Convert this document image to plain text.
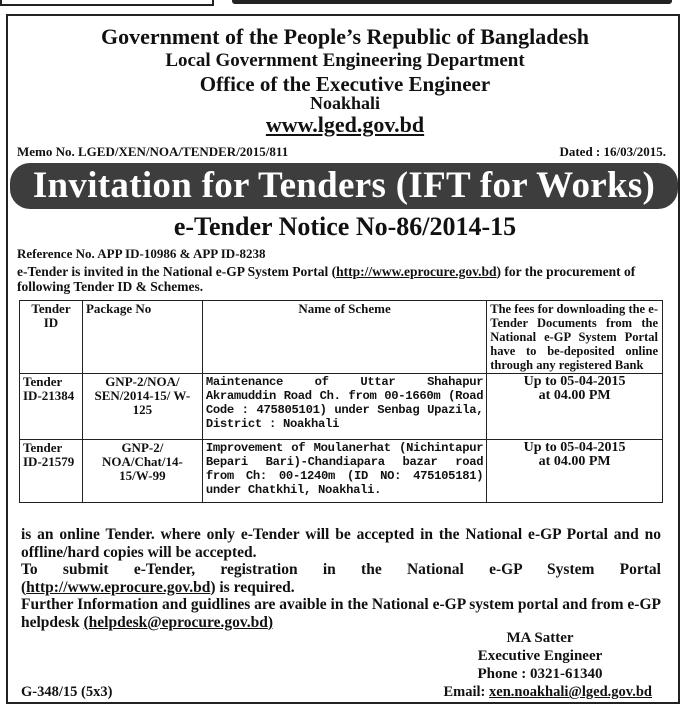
Government of the People’s Republic of Bangladesh
Local Government Engineering Department
Office of the Executive Engineer
Noakhali
www.lged.gov.bd
Memo No. LGED/XEN/NOA/TENDER/2015/811	Dated : 16/03/2015.
Invitation for Tenders (IFT for Works)
e-Tender Notice No-86/2014-15
Reference No. APP ID-10986 & APP ID-8238
e-Tender is invited in the National e-GP System Portal (http://www.eprocure.gov.bd) for the procurement of following Tender ID & Schemes.
Tender ID	Package No	Name of Scheme	The fees for downloading the e-Tender Documents from the National e-GP System Portal have to be-deposited online through any registered Bank
Tender ID-21384	GNP-2/NOA/ SEN/2014-15/ W-125	Maintenance of Uttar Shahapur Akramuddin Road Ch. from 00-1660m (Road Code : 475805101) under Senbag Upazila, District : Noakhali	Up to 05-04-2015
at 04.00 PM

Tender ID-21579	GNP-2/ NOA/Chat/14-15/W-99	Improvement of Moulanerhat (Nichintapur Bepari Bari)-Chandiapara bazar road from Ch: 00-1240m (ID NO: 475105181) under Chatkhil, Noakhali.	Up to 05-04-2015
at 04.00 PM

is an online Tender. where only e-Tender will be accepted in the National e-GP Portal and no offline/hard copies will be accepted.

To submit e-Tender, registration in the National e-GP System Portal

(http://www.eprocure.gov.bd) is required.

Further Information and guidlines are avaible in the National e-GP system portal and from e-GP helpdesk (helpdesk@eprocure.gov.bd)

MA Satter
Executive Engineer
Phone : 0321-61340
G-348/15 (5x3)	Email: xen.noakhali@lged.gov.bd
